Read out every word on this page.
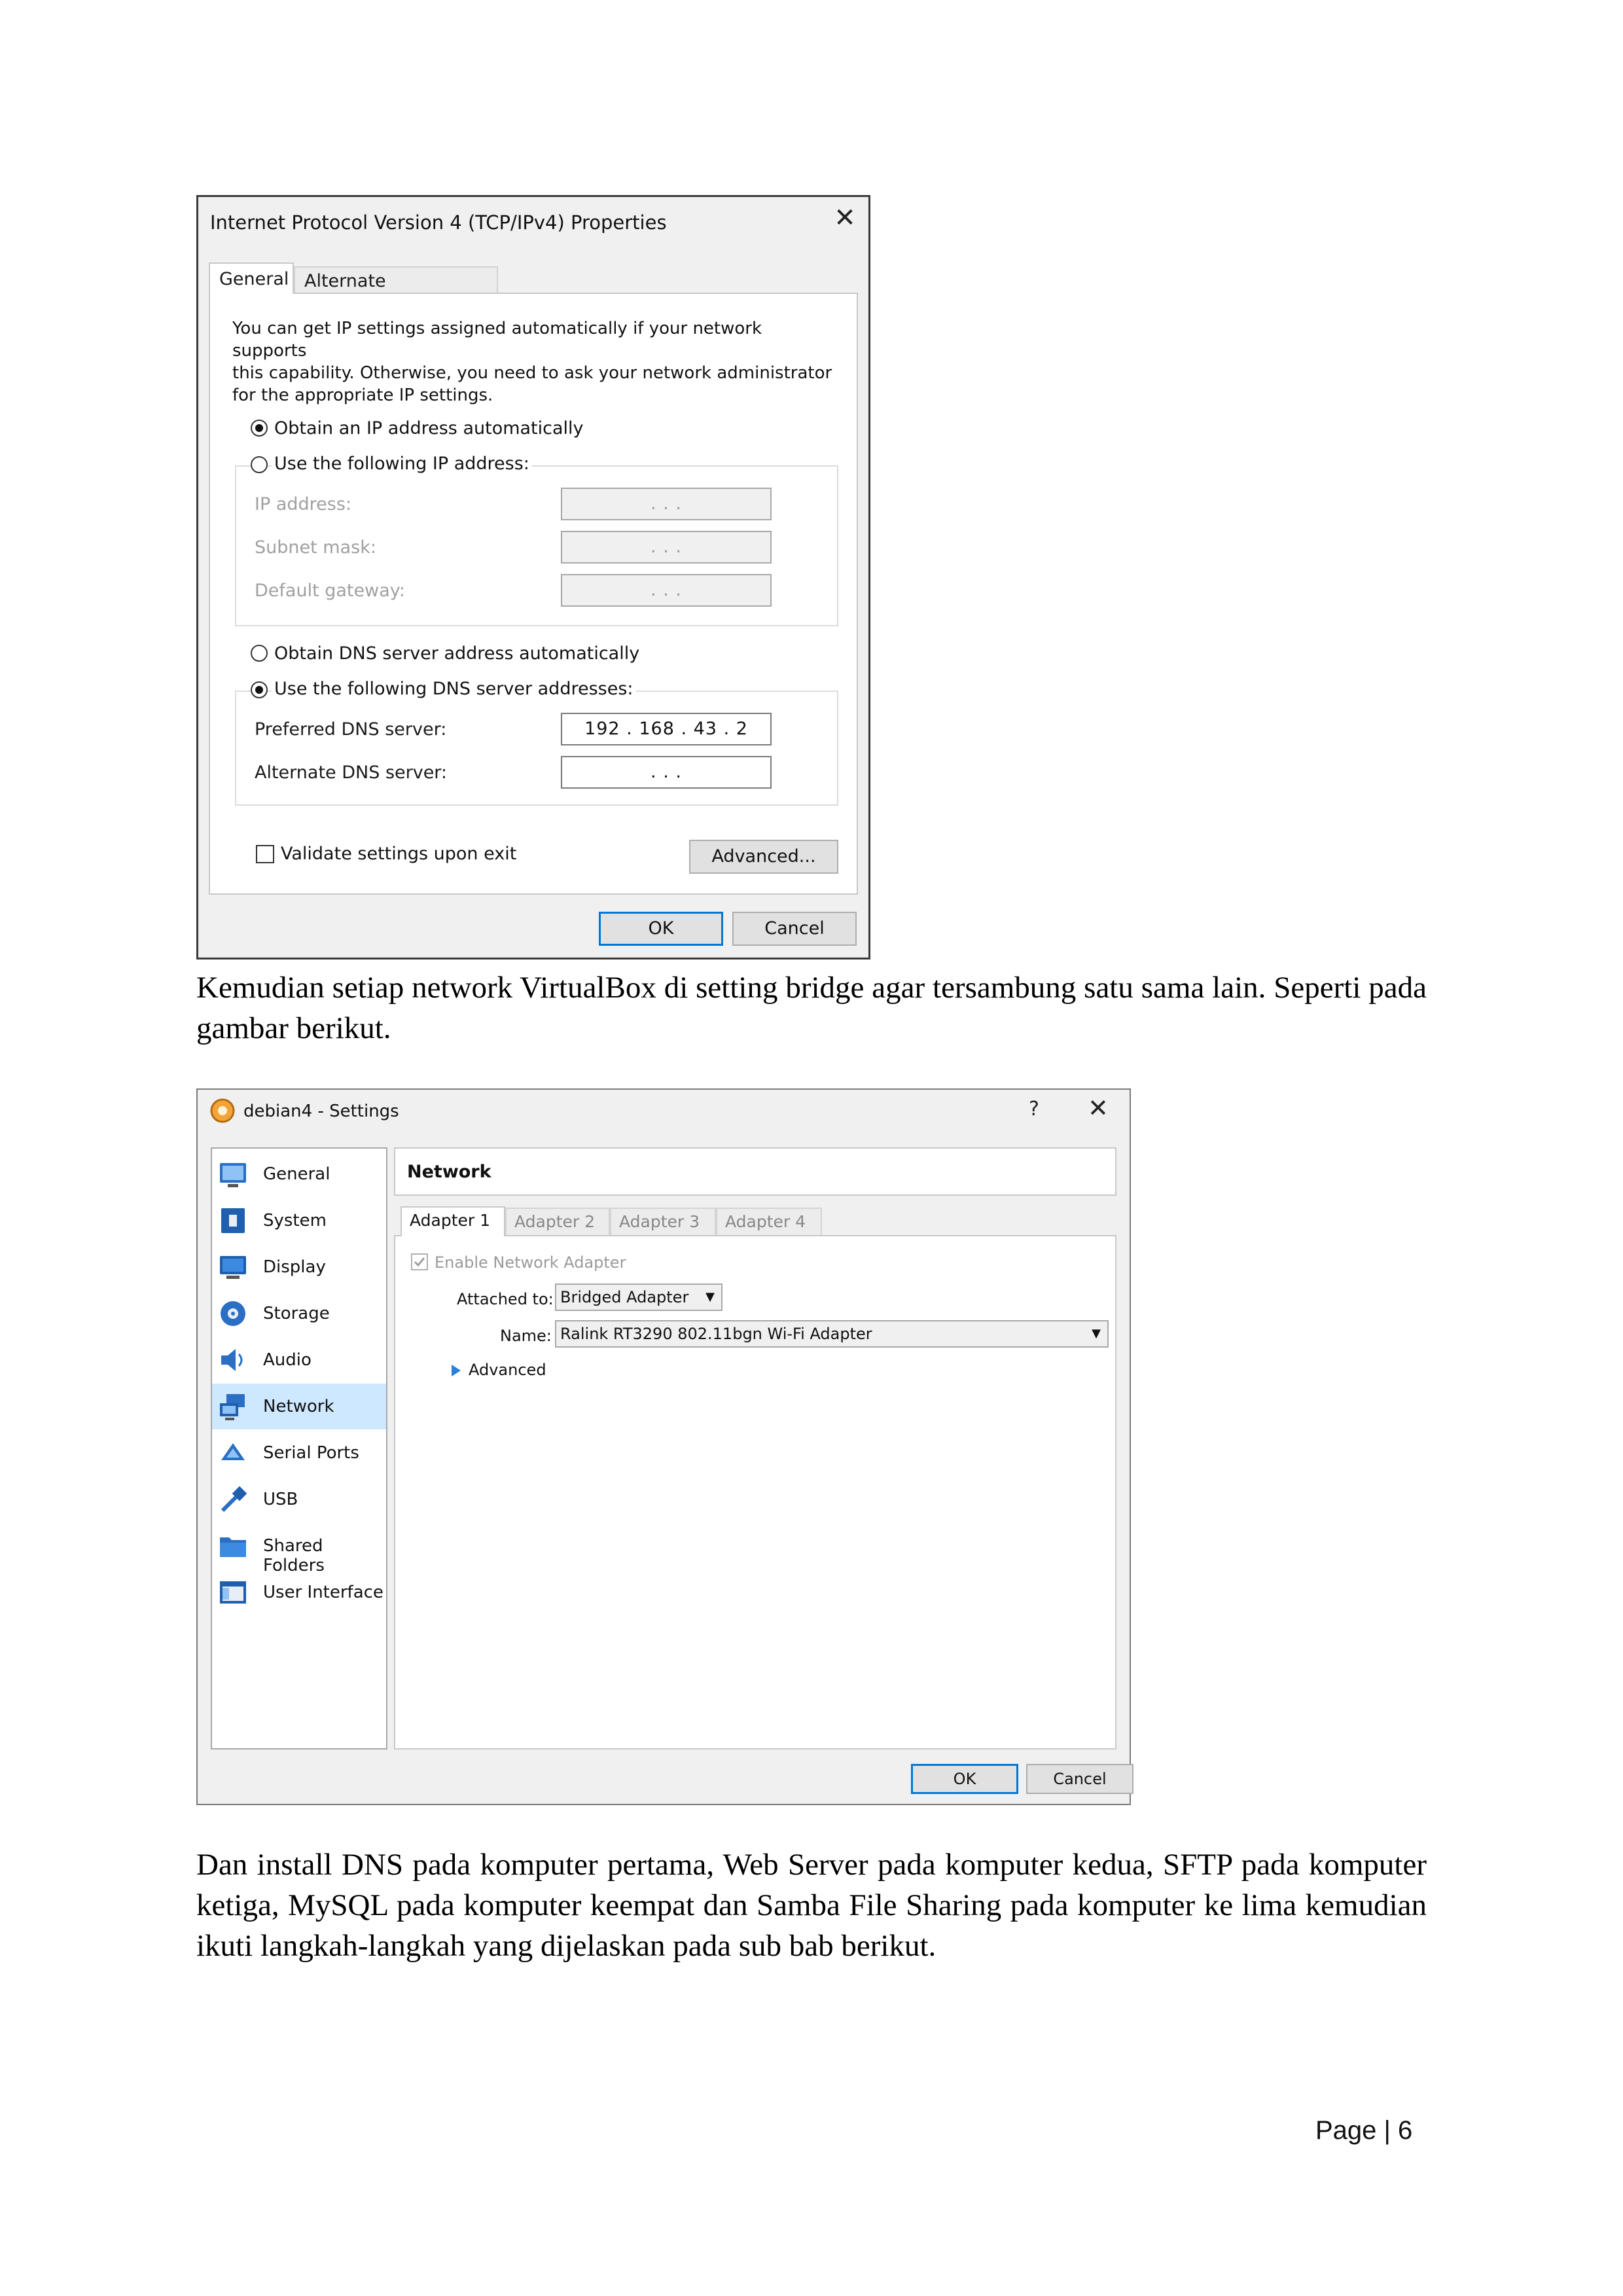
Internet Protocol Version 4 (TCP/IPv4) Properties	✕
General Alternate
You can get IP settings assigned automatically if your network supports
this capability. Otherwise, you need to ask your network administrator
for the appropriate IP settings.
Obtain an IP address automatically
Use the following IP address:
IP address:	. . .
Subnet mask:	. . .
Default gateway:	. . .
Obtain DNS server address automatically
Use the following DNS server addresses:
Preferred DNS server:	192 . 168 . 43 . 2
Alternate DNS server:	. . .
Validate settings upon exit	Advanced...
OK	Cancel
Kemudian setiap network VirtualBox di setting bridge agar tersambung satu sama lain. Seperti pada gambar berikut.
debian4 - Settings	? ✕
General
System
Display
Storage
Audio
Network
Serial Ports
USB
Shared Folders
User Interface
Network
Adapter 1	Adapter 2	Adapter 3	Adapter 4
Enable Network Adapter
Attached to: Bridged Adapter ▼
Name: Ralink RT3290 802.11bgn Wi-Fi Adapter	▼
Advanced
OK	Cancel
Dan install DNS pada komputer pertama, Web Server pada komputer kedua, SFTP pada komputer ketiga, MySQL pada komputer keempat dan Samba File Sharing pada komputer ke lima kemudian ikuti langkah-langkah yang dijelaskan pada sub bab berikut.
Page | 6
